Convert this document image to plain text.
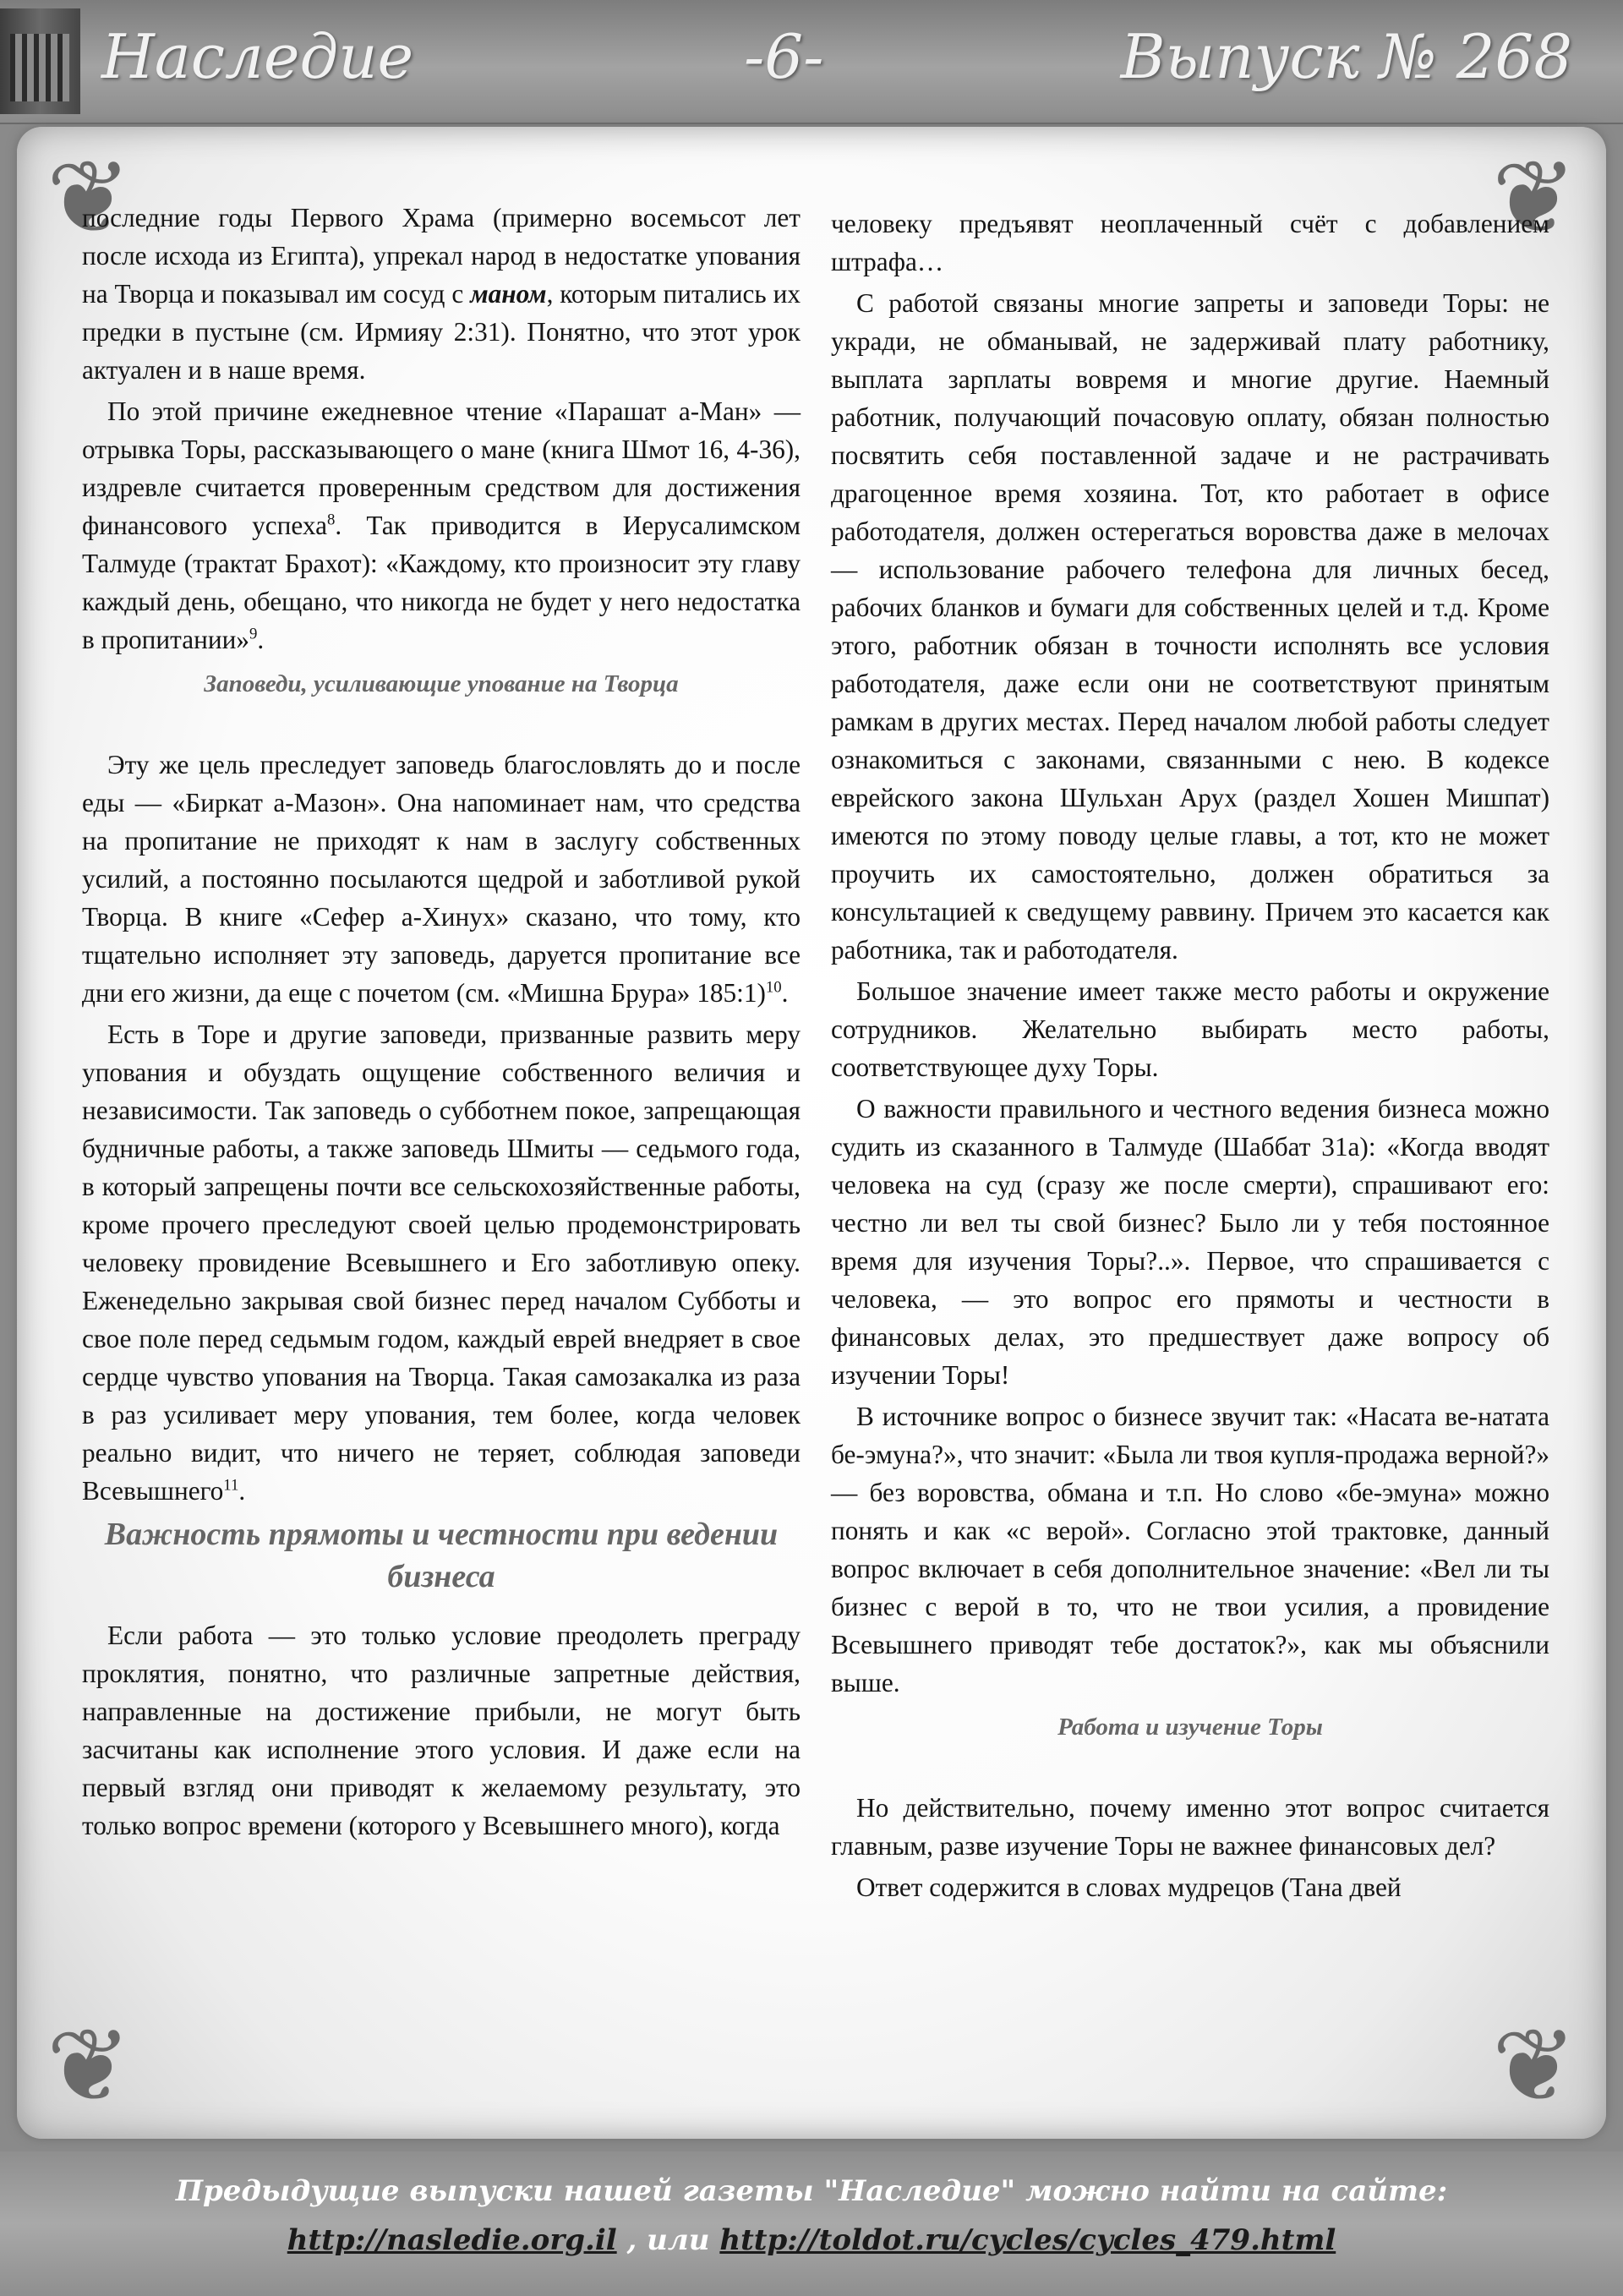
Наследие	-6-	Выпуск № 268
❦	❦
❦	❦

последние годы Первого Храма (примерно восемьсот лет после исхода из Египта), упрекал народ в недостатке упования на Творца и показывал им сосуд с маном, которым питались их предки в пустыне (см. Ирмияу 2:31). Понятно, что этот урок актуален и в наше время.

По этой причине ежедневное чтение «Парашат а-Ман» — отрывка Торы, рассказывающего о мане (книга Шмот 16, 4-36), издревле считается проверенным средством для достижения финансового успеха$^8$. Так приводится в Иерусалимском Талмуде (трактат Брахот): «Каждому, кто произносит эту главу каждый день, обещано, что никогда не будет у него недостатка в пропитании»$^9$.

Заповеди, усиливающие упование на Творца

Эту же цель преследует заповедь благословлять до и после еды — «Биркат а-Мазон». Она напоминает нам, что средства на пропитание не приходят к нам в заслугу собственных усилий, а постоянно посылаются щедрой и заботливой рукой Творца. В книге «Сефер а-Хинух» сказано, что тому, кто тщательно исполняет эту заповедь, даруется пропитание все дни его жизни, да еще с почетом (см. «Мишна Брура» 185:1)$^{10}$.

Есть в Торе и другие заповеди, призванные развить меру упования и обуздать ощущение собственного величия и независимости. Так заповедь о субботнем покое, запрещающая будничные работы, а также заповедь Шмиты — седьмого года, в который запрещены почти все сельскохозяйственные работы, кроме прочего преследуют своей целью продемонстрировать человеку провидение Всевышнего и Его заботливую опеку. Еженедельно закрывая свой бизнес перед началом Субботы и свое поле перед седьмым годом, каждый еврей внедряет в свое сердце чувство упования на Творца. Такая самозакалка из раза в раз усиливает меру упования, тем более, когда человек реально видит, что ничего не теряет, соблюдая заповеди Всевышнего$^{11}$.

Важность прямоты и честности при ведении бизнеса

Если работа — это только условие преодолеть преграду проклятия, понятно, что различные запретные действия, направленные на достижение прибыли, не могут быть засчитаны как исполнение этого условия. И даже если на первый взгляд они приводят к желаемому результату, это только вопрос времени (которого у Всевышнего много), когда

человеку предъявят неоплаченный счёт с добавлением штрафа…

С работой связаны многие запреты и заповеди Торы: не укради, не обманывай, не задерживай плату работнику, выплата зарплаты вовремя и многие другие. Наемный работник, получающий почасовую оплату, обязан полностью посвятить себя поставленной задаче и не растрачивать драгоценное время хозяина. Тот, кто работает в офисе работодателя, должен остерегаться воровства даже в мелочах — использование рабочего телефона для личных бесед, рабочих бланков и бумаги для собственных целей и т.д. Кроме этого, работник обязан в точности исполнять все условия работодателя, даже если они не соответствуют принятым рамкам в других местах. Перед началом любой работы следует ознакомиться с законами, связанными с нею. В кодексе еврейского закона Шульхан Арух (раздел Хошен Мишпат) имеются по этому поводу целые главы, а тот, кто не может проучить их самостоятельно, должен обратиться за консультацией к сведущему раввину. Причем это касается как работника, так и работодателя.

Большое значение имеет также место работы и окружение сотрудников. Желательно выбирать место работы, соответствующее духу Торы.

О важности правильного и честного ведения бизнеса можно судить из сказанного в Талмуде (Шаббат 31а): «Когда вводят человека на суд (сразу же после смерти), спрашивают его: честно ли вел ты свой бизнес? Было ли у тебя постоянное время для изучения Торы?..». Первое, что спрашивается с человека, — это вопрос его прямоты и честности в финансовых делах, это предшествует даже вопросу об изучении Торы!

В источнике вопрос о бизнесе звучит так: «Насата ве-натата бе-эмуна?», что значит: «Была ли твоя купля-продажа верной?» — без воровства, обмана и т.п. Но слово «бе-эмуна» можно понять и как «с верой». Согласно этой трактовке, данный вопрос включает в себя дополнительное значение: «Вел ли ты бизнес с верой в то, что не твои усилия, а провидение Всевышнего приводят тебе достаток?», как мы объяснили выше.

Работа и изучение Торы

Но действительно, почему именно этот вопрос считается главным, разве изучение Торы не важнее финансовых дел?

Ответ содержится в словах мудрецов (Тана двей

Предыдущие выпуски нашей газеты "Наследие" можно найти на сайте:
http://nasledie.org.il , или http://toldot.ru/cycles/cycles_479.html
